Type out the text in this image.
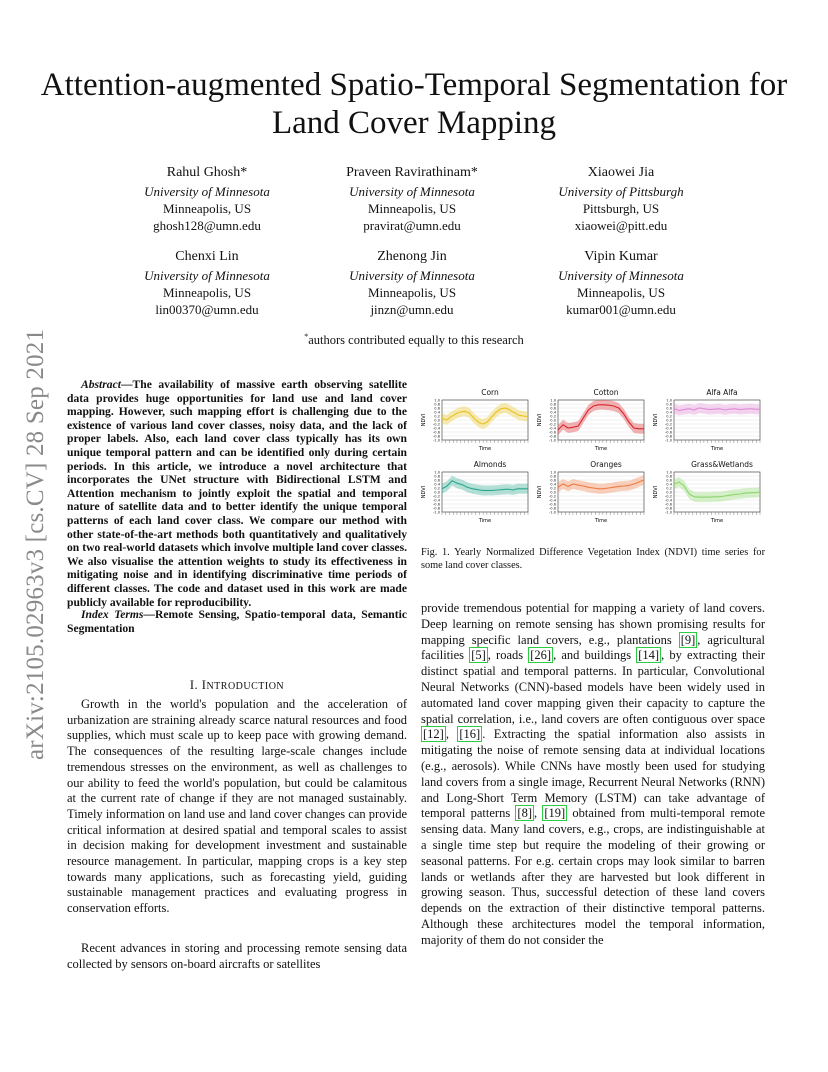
arXiv:2105.02963v3 [cs.CV] 28 Sep 2021
Attention-augmented Spatio-Temporal Segmentation for Land Cover Mapping
Rahul Ghosh*
University of Minnesota
Minneapolis, US
ghosh128@umn.edu
Praveen Ravirathinam*
University of Minnesota
Minneapolis, US
pravirat@umn.edu
Xiaowei Jia
University of Pittsburgh
Pittsburgh, US
xiaowei@pitt.edu
Chenxi Lin
University of Minnesota
Minneapolis, US
lin00370@umn.edu
Zhenong Jin
University of Minnesota
Minneapolis, US
jinzn@umn.edu
Vipin Kumar
University of Minnesota
Minneapolis, US
kumar001@umn.edu
*authors contributed equally to this research
Abstract—The availability of massive earth observing satellite data provides huge opportunities for land use and land cover mapping. However, such mapping effort is challenging due to the existence of various land cover classes, noisy data, and the lack of proper labels. Also, each land cover class typically has its own unique temporal pattern and can be identified only during certain periods. In this article, we introduce a novel architecture that incorporates the UNet structure with Bidirectional LSTM and Attention mechanism to jointly exploit the spatial and temporal nature of satellite data and to better identify the unique temporal patterns of each land cover class. We compare our method with other state-of-the-art methods both quantitatively and qualitatively on two real-world datasets which involve multiple land cover classes. We also visualise the attention weights to study its effectiveness in mitigating noise and in identifying discriminative time periods of different classes. The code and dataset used in this work are made publicly available for reproducibility.
Index Terms—Remote Sensing, Spatio-temporal data, Semantic Segmentation
I. INTRODUCTION
Growth in the world's population and the acceleration of urbanization are straining already scarce natural resources and food supplies, which must scale up to keep pace with growing demand. The consequences of the resulting large-scale changes include tremendous stresses on the environment, as well as challenges to our ability to feed the world's population, but could be calamitous at the current rate of change if they are not managed sustainably. Timely information on land use and land cover changes can provide critical information at desired spatial and temporal scales to assist in decision making for development investment and sustainable resource management. In particular, mapping crops is a key step towards many applications, such as forecasting yield, guiding sustainable management practices and evaluating progress in conservation efforts.
Recent advances in storing and processing remote sensing data collected by sensors on-board aircrafts or satellites
Corn
1.0
0.8
0.6
0.4
0.2
0.0
-0.2
-0.4
-0.6
-0.8
-1.0
NDVI
Time
Cotton
1.0
0.8
0.6
0.4
0.2
0.0
-0.2
-0.4
-0.6
-0.8
-1.0
NDVI
Time
Alfa Alfa
1.0
0.8
0.6
0.4
0.2
0.0
-0.2
-0.4
-0.6
-0.8
-1.0
NDVI
Time
Almonds
1.0
0.8
0.6
0.4
0.2
0.0
-0.2
-0.4
-0.6
-0.8
-1.0
NDVI
Time
Oranges
1.0
0.8
0.6
0.4
0.2
0.0
-0.2
-0.4
-0.6
-0.8
-1.0
NDVI
Time
Grass&Wetlands
1.0
0.8
0.6
0.4
0.2
0.0
-0.2
-0.4
-0.6
-0.8
-1.0
NDVI
Time
Fig. 1. Yearly Normalized Difference Vegetation Index (NDVI) time series for some land cover classes.
provide tremendous potential for mapping a variety of land covers. Deep learning on remote sensing has shown promising results for mapping specific land covers, e.g., plantations [9] , agricultural facilities [5] , roads [26] , and buildings [14] , by extracting their distinct spatial and temporal patterns. In particular, Convolutional Neural Networks (CNN)-based models have been widely used in automated land cover mapping given their capacity to capture the spatial correlation, i.e., land covers are often contiguous over space [12] , [16] . Extracting the spatial information also assists in mitigating the noise of remote sensing data at individual locations (e.g., aerosols). While CNNs have mostly been used for studying land covers from a single image, Recurrent Neural Networks (RNN) and Long-Short Term Memory (LSTM) can take advantage of temporal patterns [8] , [19] obtained from multi-temporal remote sensing data. Many land covers, e.g., crops, are indistinguishable at a single time step but require the modeling of their growing or seasonal patterns. For e.g. certain crops may look similar to barren lands or wetlands after they are harvested but look different in growing season. Thus, successful detection of these land covers depends on the extraction of their distinctive temporal patterns. Although these architectures model the temporal information, majority of them do not consider the
